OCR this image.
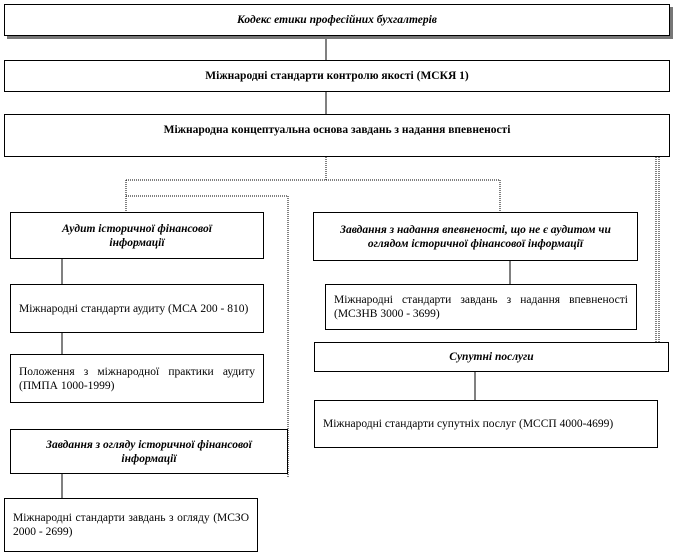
Кодекс етики професійних бухгалтерів
Міжнародні стандарти контролю якості (МСКЯ 1)
Міжнародна концептуальна основа завдань з надання впевненості
Аудит історичної фінансової інформації
Завдання з надання впевненості, що не є аудитом чи оглядом історичної фінансової інформації
Міжнародні стандарти аудиту (МСА 200 - 810)
Міжнародні стандарти завдань з надання впевненості (МСЗНВ 3000 - 3699)
Положення з міжнародної практики аудиту (ПМПА 1000-1999)
Супутні послуги
Міжнародні стандарти супутніх послуг (МССП 4000-4699)
Завдання з огляду історичної фінансової інформації
Міжнародні стандарти завдань з огляду (МСЗО 2000 - 2699)
